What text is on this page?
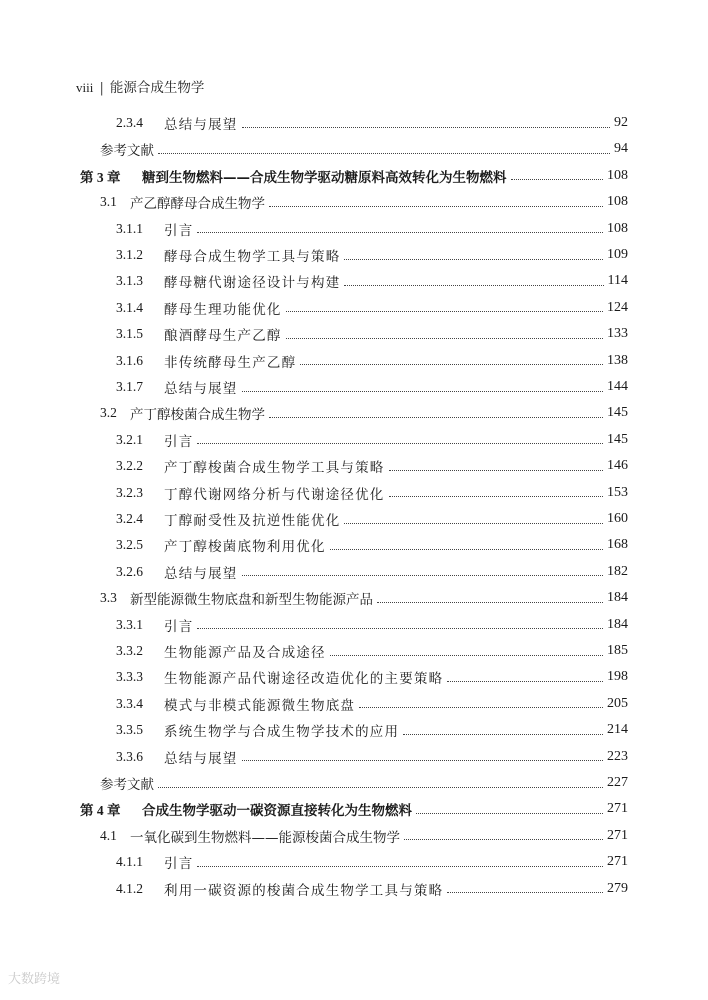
viii | 能源合成生物学
2.3.4	总结与展望	92
参考文献	94
第 3 章	糖到生物燃料——合成生物学驱动糖原料高效转化为生物燃料	108
3.1 产乙醇酵母合成生物学	108
3.1.1	引言	108
3.1.2	酵母合成生物学工具与策略	109
3.1.3	酵母糖代谢途径设计与构建	114
3.1.4	酵母生理功能优化	124
3.1.5	酿酒酵母生产乙醇	133
3.1.6	非传统酵母生产乙醇	138
3.1.7	总结与展望	144
3.2 产丁醇梭菌合成生物学	145
3.2.1	引言	145
3.2.2	产丁醇梭菌合成生物学工具与策略	146
3.2.3	丁醇代谢网络分析与代谢途径优化	153
3.2.4	丁醇耐受性及抗逆性能优化	160
3.2.5	产丁醇梭菌底物利用优化	168
3.2.6	总结与展望	182
3.3 新型能源微生物底盘和新型生物能源产品	184
3.3.1	引言	184
3.3.2	生物能源产品及合成途径	185
3.3.3	生物能源产品代谢途径改造优化的主要策略	198
3.3.4	模式与非模式能源微生物底盘	205
3.3.5	系统生物学与合成生物学技术的应用	214
3.3.6	总结与展望	223
参考文献	227
第 4 章	合成生物学驱动一碳资源直接转化为生物燃料	271
4.1 一氧化碳到生物燃料——能源梭菌合成生物学	271
4.1.1	引言	271
4.1.2	利用一碳资源的梭菌合成生物学工具与策略	279
大数跨境
